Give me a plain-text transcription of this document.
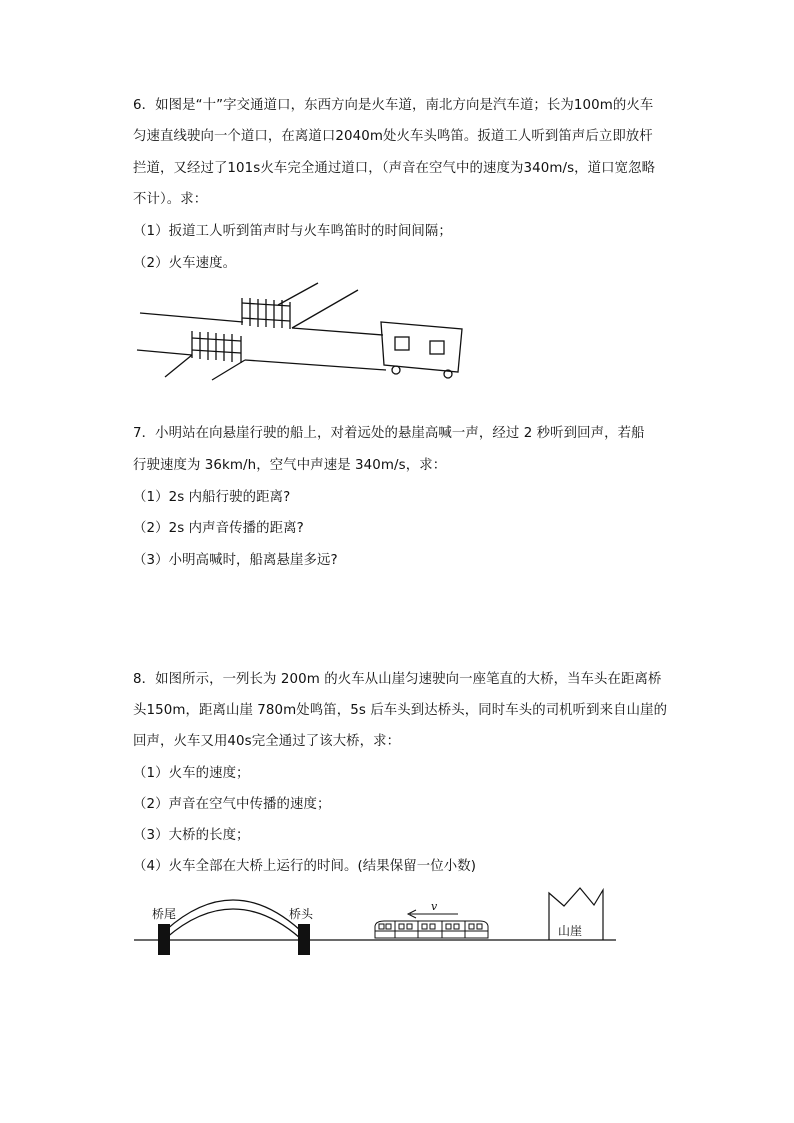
6．如图是“十”字交通道口，东西方向是火车道，南北方向是汽车道；长为100m的火车
匀速直线驶向一个道口，在离道口2040m处火车头鸣笛。扳道工人听到笛声后立即放杆
拦道，又经过了101s火车完全通过道口，（声音在空气中的速度为340m/s，道口宽忽略
不计）。求：
（1）扳道工人听到笛声时与火车鸣笛时的时间间隔；
（2）火车速度。
7．小明站在向悬崖行驶的船上，对着远处的悬崖高喊一声，经过 2 秒听到回声，若船
行驶速度为 36km/h，空气中声速是 340m/s，求：
（1）2s 内船行驶的距离?
（2）2s 内声音传播的距离?
（3）小明高喊时，船离悬崖多远?
8．如图所示，一列长为 200m 的火车从山崖匀速驶向一座笔直的大桥，当车头在距离桥
头150m，距离山崖 780m处鸣笛，5s 后车头到达桥头，同时车头的司机听到来自山崖的
回声，火车又用40s完全通过了该大桥，求：
（1）火车的速度；
（2）声音在空气中传播的速度；
（3）大桥的长度；
（4）火车全部在大桥上运行的时间。(结果保留一位小数)
桥尾	桥头
v
山崖
